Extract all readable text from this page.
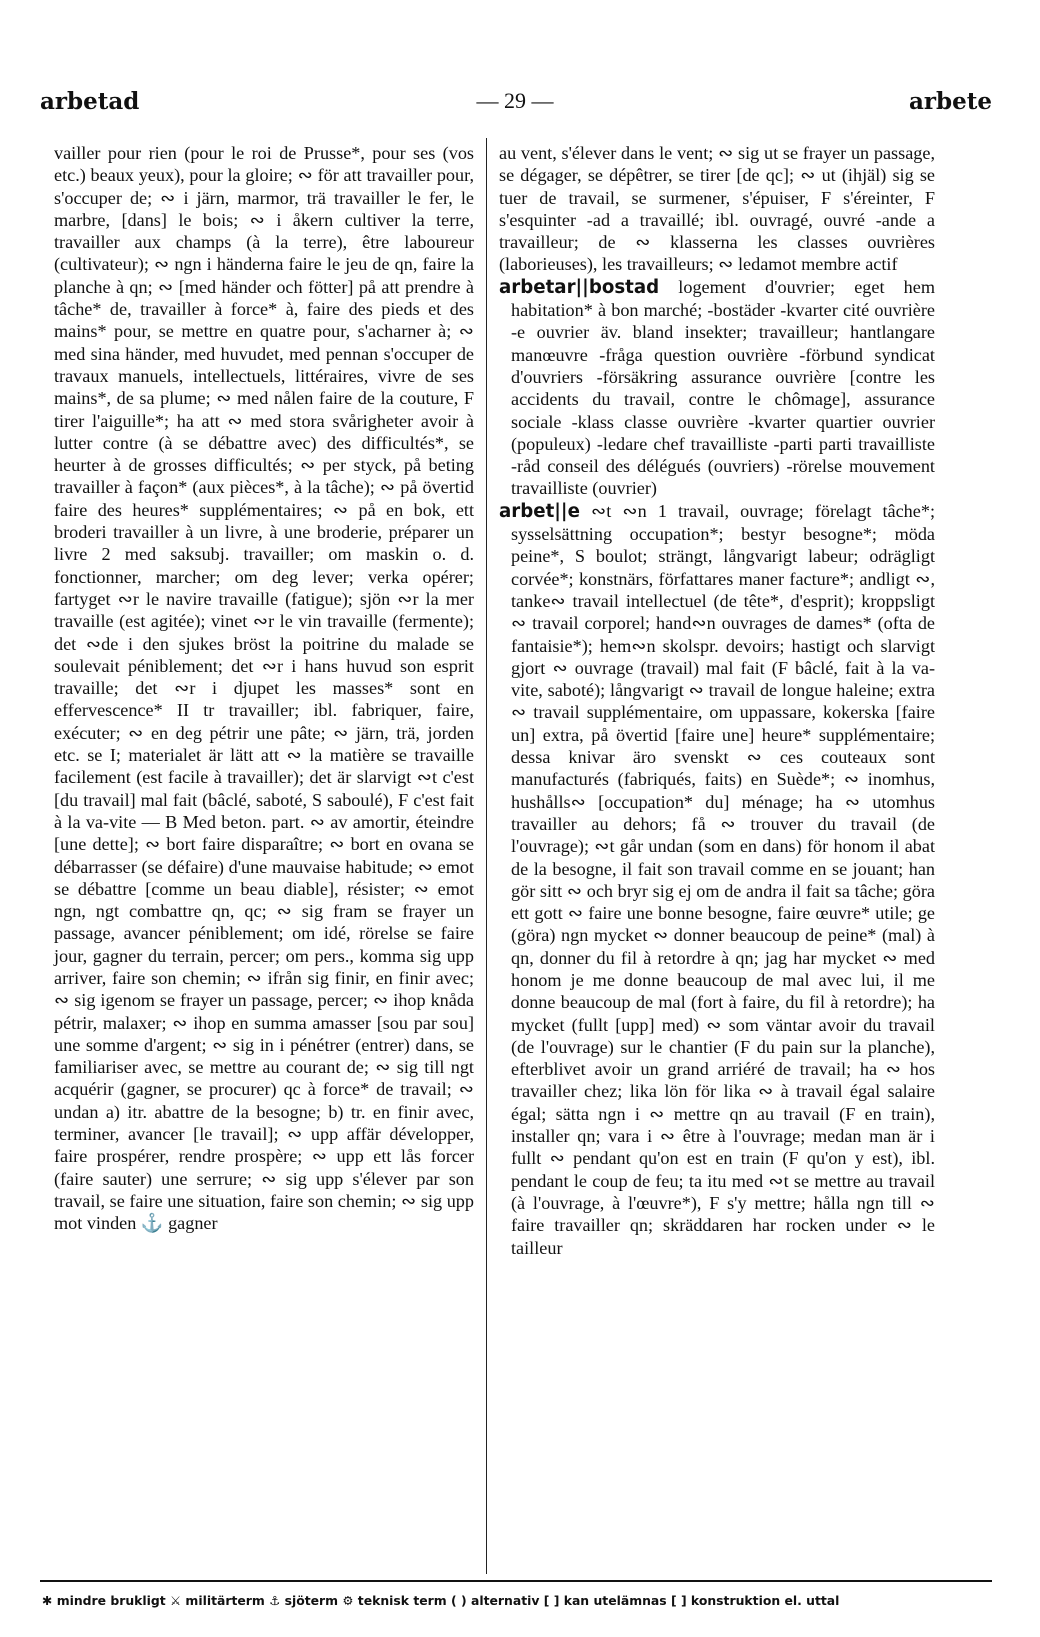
arbetad	— 29 —	arbete

vailler pour rien (pour le roi de Prusse*, pour ses (vos etc.) beaux yeux), pour la gloire; ∾ för att travailler pour, s'occuper de; ∾ i järn, marmor, trä travailler le fer, le marbre, [dans] le bois; ∾ i åkern cultiver la terre, travailler aux champs (à la terre), être laboureur (cultivateur); ∾ ngn i händerna faire le jeu de qn, faire la planche à qn; ∾ [med händer och fötter] på att prendre à tâche* de, travailler à force* à, faire des pieds et des mains* pour, se mettre en quatre pour, s'acharner à; ∾ med sina händer, med huvudet, med pennan s'occuper de travaux manuels, intellectuels, littéraires, vivre de ses mains*, de sa plume; ∾ med nålen faire de la couture, F tirer l'aiguille*; ha att ∾ med stora svårigheter avoir à lutter contre (à se débattre avec) des difficultés*, se heurter à de grosses difficultés; ∾ per styck, på beting travailler à façon* (aux pièces*, à la tâche); ∾ på övertid faire des heures* supplémentaires; ∾ på en bok, ett broderi travailler à un livre, à une broderie, préparer un livre 2 med saksubj. travailler; om maskin o. d. fonctionner, marcher; om deg lever; verka opérer; fartyget ∾r le navire travaille (fatigue); sjön ∾r la mer travaille (est agitée); vinet ∾r le vin travaille (fermente); det ∾de i den sjukes bröst la poitrine du malade se soulevait péniblement; det ∾r i hans huvud son esprit travaille; det ∾r i djupet les masses* sont en effervescence* II tr travailler; ibl. fabriquer, faire, exécuter; ∾ en deg pétrir une pâte; ∾ järn, trä, jorden etc. se I; materialet är lätt att ∾ la matière se travaille facilement (est facile à travailler); det är slarvigt ∾t c'est [du travail] mal fait (bâclé, saboté, S saboulé), F c'est fait à la va-vite — B Med beton. part. ∾ av amortir, éteindre [une dette]; ∾ bort faire disparaître; ∾ bort en ovana se débarrasser (se défaire) d'une mauvaise habitude; ∾ emot se débattre [comme un beau diable], résister; ∾ emot ngn, ngt combattre qn, qc; ∾ sig fram se frayer un passage, avancer péniblement; om idé, rörelse se faire jour, gagner du terrain, percer; om pers., komma sig upp arriver, faire son chemin; ∾ ifrån sig finir, en finir avec; ∾ sig igenom se frayer un passage, percer; ∾ ihop knåda pétrir, malaxer; ∾ ihop en summa amasser [sou par sou] une somme d'argent; ∾ sig in i pénétrer (entrer) dans, se familiariser avec, se mettre au courant de; ∾ sig till ngt acquérir (gagner, se procurer) qc à force* de travail; ∾ undan a) itr. abattre de la besogne; b) tr. en finir avec, terminer, avancer [le travail]; ∾ upp affär développer, faire prospérer, rendre prospère; ∾ upp ett lås forcer (faire sauter) une serrure; ∾ sig upp s'élever par son travail, se faire une situation, faire son chemin; ∾ sig upp mot vinden ⚓ gagner

au vent, s'élever dans le vent; ∾ sig ut se frayer un passage, se dégager, se dépêtrer, se tirer [de qc]; ∾ ut (ihjäl) sig se tuer de travail, se surmener, s'épuiser, F s'éreinter, F s'esquinter -ad a travaillé; ibl. ouvragé, ouvré -ande a travailleur; de ∾ klasserna les classes ouvrières (laborieuses), les travailleurs; ∾ ledamot membre actif

arbetar||bostad logement d'ouvrier; eget hem habitation* à bon marché; -bostäder -kvarter cité ouvrière -e ouvrier äv. bland insekter; travailleur; hantlangare manœuvre -fråga question ouvrière -förbund syndicat d'ouvriers -försäkring assurance ouvrière [contre les accidents du travail, contre le chômage], assurance sociale -klass classe ouvrière -kvarter quartier ouvrier (populeux) -ledare chef travailliste -parti parti travailliste -råd conseil des délégués (ouvriers) -rörelse mouvement travailliste (ouvrier)

arbet||e ∾t ∾n 1 travail, ouvrage; förelagt tâche*; sysselsättning occupation*; bestyr besogne*; möda peine*, S boulot; strängt, långvarigt labeur; odrägligt corvée*; konstnärs, författares maner facture*; andligt ∾, tanke∾ travail intellectuel (de tête*, d'esprit); kroppsligt ∾ travail corporel; hand∾n ouvrages de dames* (ofta de fantaisie*); hem∾n skolspr. devoirs; hastigt och slarvigt gjort ∾ ouvrage (travail) mal fait (F bâclé, fait à la va-vite, saboté); långvarigt ∾ travail de longue haleine; extra ∾ travail supplémentaire, om uppassare, kokerska [faire un] extra, på övertid [faire une] heure* supplémentaire; dessa knivar äro svenskt ∾ ces couteaux sont manufacturés (fabriqués, faits) en Suède*; ∾ inomhus, hushålls∾ [occupation* du] ménage; ha ∾ utomhus travailler au dehors; få ∾ trouver du travail (de l'ouvrage); ∾t går undan (som en dans) för honom il abat de la besogne, il fait son travail comme en se jouant; han gör sitt ∾ och bryr sig ej om de andra il fait sa tâche; göra ett gott ∾ faire une bonne besogne, faire œuvre* utile; ge (göra) ngn mycket ∾ donner beaucoup de peine* (mal) à qn, donner du fil à retordre à qn; jag har mycket ∾ med honom je me donne beaucoup de mal avec lui, il me donne beaucoup de mal (fort à faire, du fil à retordre); ha mycket (fullt [upp] med) ∾ som väntar avoir du travail (de l'ouvrage) sur le chantier (F du pain sur la planche), efterblivet avoir un grand arriéré de travail; ha ∾ hos travailler chez; lika lön för lika ∾ à travail égal salaire égal; sätta ngn i ∾ mettre qn au travail (F en train), installer qn; vara i ∾ être à l'ouvrage; medan man är i fullt ∾ pendant qu'on est en train (F qu'on y est), ibl. pendant le coup de feu; ta itu med ∾t se mettre au travail (à l'ouvrage, à l'œuvre*), F s'y mettre; hålla ngn till ∾ faire travailler qn; skräddaren har rocken under ∾ le tailleur

✱ mindre brukligt ⚔ militärterm ⚓ sjöterm ⚙ teknisk term ( ) alternativ [ ] kan utelämnas [ ] konstruktion el. uttal
